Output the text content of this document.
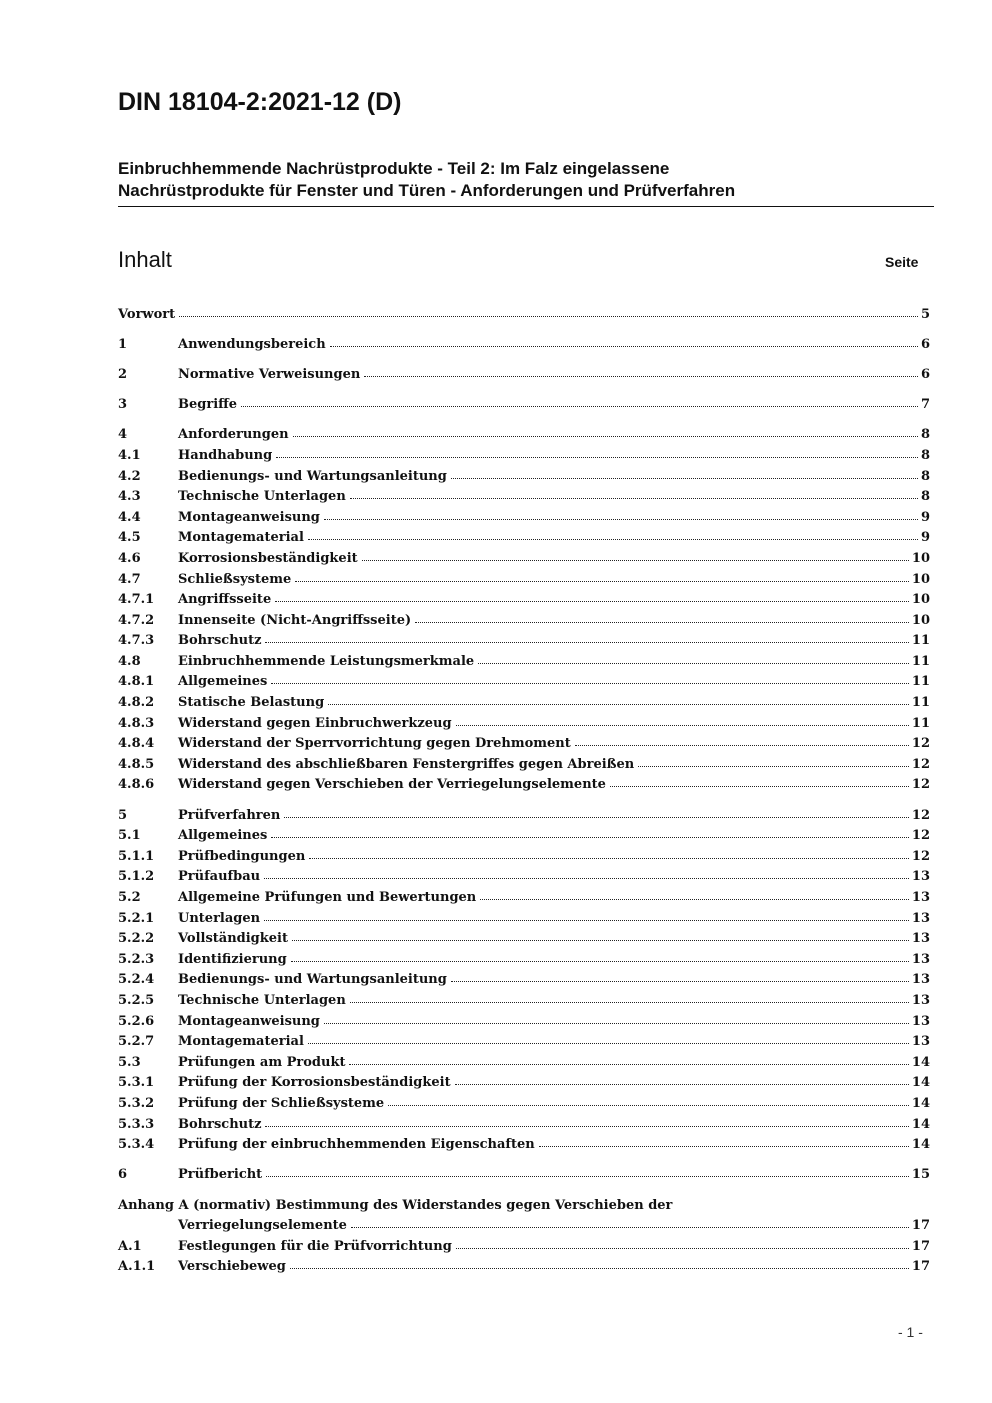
DIN 18104-2:2021-12 (D)
Einbruchhemmende Nachrüstprodukte - Teil 2: Im Falz eingelassene
Nachrüstprodukte für Fenster und Türen - Anforderungen und Prüfverfahren
Inhalt	Seite
Vorwort	5
1	Anwendungsbereich	6
2	Normative Verweisungen	6
3	Begriffe	7
4	Anforderungen	8
4.1	Handhabung	8
4.2	Bedienungs- und Wartungsanleitung	8
4.3	Technische Unterlagen	8
4.4	Montageanweisung	9
4.5	Montagematerial	9
4.6	Korrosionsbeständigkeit	10
4.7	Schließsysteme	10
4.7.1	Angriffsseite	10
4.7.2	Innenseite (Nicht-Angriffsseite)	10
4.7.3	Bohrschutz	11
4.8	Einbruchhemmende Leistungsmerkmale	11
4.8.1	Allgemeines	11
4.8.2	Statische Belastung	11
4.8.3	Widerstand gegen Einbruchwerkzeug	11
4.8.4	Widerstand der Sperrvorrichtung gegen Drehmoment	12
4.8.5	Widerstand des abschließbaren Fenstergriffes gegen Abreißen	12
4.8.6	Widerstand gegen Verschieben der Verriegelungselemente	12
5	Prüfverfahren	12
5.1	Allgemeines	12
5.1.1	Prüfbedingungen	12
5.1.2	Prüfaufbau	13
5.2	Allgemeine Prüfungen und Bewertungen	13
5.2.1	Unterlagen	13
5.2.2	Vollständigkeit	13
5.2.3	Identifizierung	13
5.2.4	Bedienungs- und Wartungsanleitung	13
5.2.5	Technische Unterlagen	13
5.2.6	Montageanweisung	13
5.2.7	Montagematerial	13
5.3	Prüfungen am Produkt	14
5.3.1	Prüfung der Korrosionsbeständigkeit	14
5.3.2	Prüfung der Schließsysteme	14
5.3.3	Bohrschutz	14
5.3.4	Prüfung der einbruchhemmenden Eigenschaften	14
6	Prüfbericht	15
Anhang A (normativ) Bestimmung des Widerstandes gegen Verschieben der
Verriegelungselemente	17
A.1	Festlegungen für die Prüfvorrichtung	17
A.1.1	Verschiebeweg	17
- 1 -
